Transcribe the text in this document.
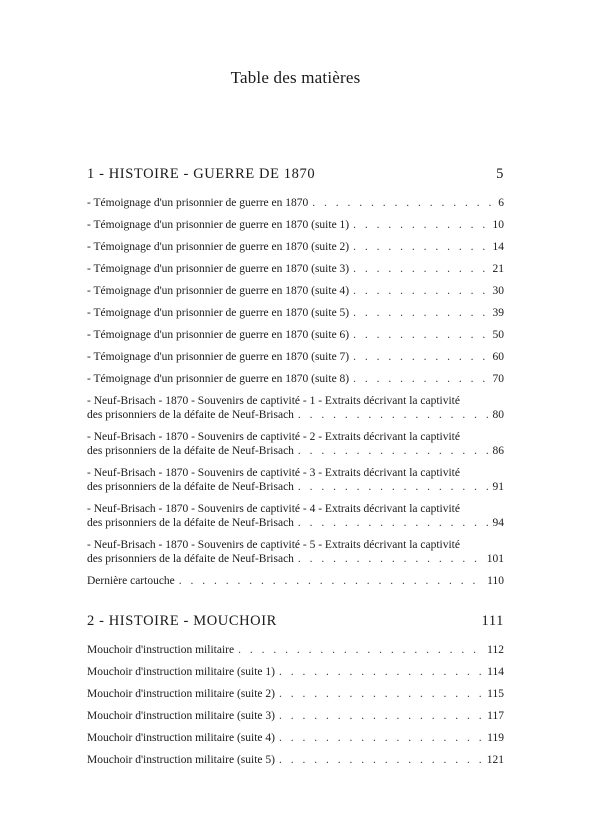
Table des matières
1 - HISTOIRE - GUERRE DE 1870	5
- Témoignage d'un prisonnier de guerre en 1870 . . .	6
- Témoignage d'un prisonnier de guerre en 1870 (suite 1) . . .	10
- Témoignage d'un prisonnier de guerre en 1870 (suite 2) . . .	14
- Témoignage d'un prisonnier de guerre en 1870 (suite 3) . . .	21
- Témoignage d'un prisonnier de guerre en 1870 (suite 4) . . .	30
- Témoignage d'un prisonnier de guerre en 1870 (suite 5) . . .	39
- Témoignage d'un prisonnier de guerre en 1870 (suite 6) . . .	50
- Témoignage d'un prisonnier de guerre en 1870 (suite 7) . . .	60
- Témoignage d'un prisonnier de guerre en 1870 (suite 8) . . .	70
- Neuf-Brisach - 1870 - Souvenirs de captivité - 1 - Extraits décrivant la captivité
des prisonniers de la défaite de Neuf-Brisach . . .	80
- Neuf-Brisach - 1870 - Souvenirs de captivité - 2 - Extraits décrivant la captivité
des prisonniers de la défaite de Neuf-Brisach . . .	86
- Neuf-Brisach - 1870 - Souvenirs de captivité - 3 - Extraits décrivant la captivité
des prisonniers de la défaite de Neuf-Brisach . . .	91
- Neuf-Brisach - 1870 - Souvenirs de captivité - 4 - Extraits décrivant la captivité
des prisonniers de la défaite de Neuf-Brisach . . .	94
- Neuf-Brisach - 1870 - Souvenirs de captivité - 5 - Extraits décrivant la captivité
des prisonniers de la défaite de Neuf-Brisach . . .	101
Dernière cartouche . . .	110
2 - HISTOIRE - MOUCHOIR	111
Mouchoir d'instruction militaire . . .	112
Mouchoir d'instruction militaire (suite 1) . . .	114
Mouchoir d'instruction militaire (suite 2) . . .	115
Mouchoir d'instruction militaire (suite 3) . . .	117
Mouchoir d'instruction militaire (suite 4) . . .	119
Mouchoir d'instruction militaire (suite 5) . . .	121
